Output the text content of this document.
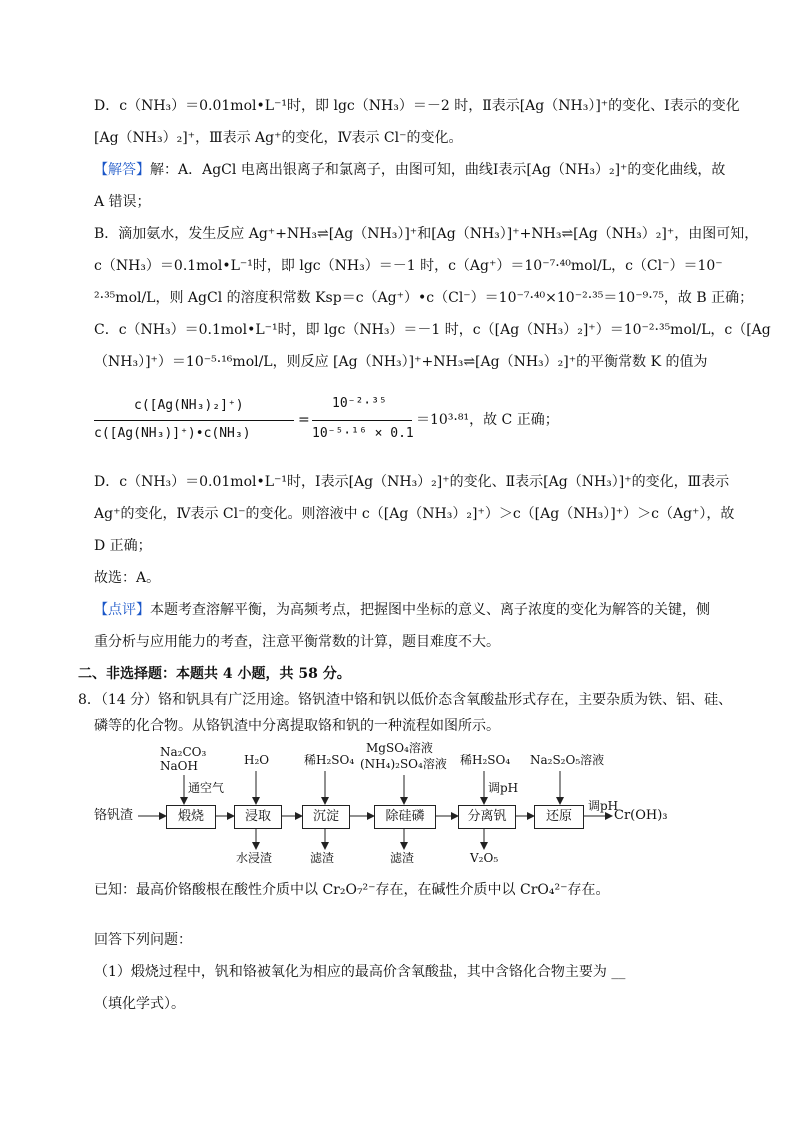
D．c（NH₃）＝0.01mol•L⁻¹时，即 lgc（NH₃）＝－2 时，Ⅱ表示[Ag（NH₃）]⁺的变化、Ⅰ表示的变化
[Ag（NH₃）₂]⁺，Ⅲ表示 Ag⁺的变化，Ⅳ表示 Cl⁻的变化。
【解答】解：A．AgCl 电离出银离子和氯离子，由图可知，曲线Ⅰ表示[Ag（NH₃）₂]⁺的变化曲线，故
A 错误；
B．滴加氨水，发生反应 Ag⁺+NH₃⇌[Ag（NH₃）]⁺和[Ag（NH₃）]⁺+NH₃⇌[Ag（NH₃）₂]⁺，由图可知，
c（NH₃）＝0.1mol•L⁻¹时，即 lgc（NH₃）＝－1 时，c（Ag⁺）＝10⁻⁷·⁴⁰mol/L，c（Cl⁻）＝10⁻
²·³⁵mol/L，则 AgCl 的溶度积常数 Ksp＝c（Ag⁺）•c（Cl⁻）＝10⁻⁷·⁴⁰×10⁻²·³⁵＝10⁻⁹·⁷⁵，故 B 正确；
C．c（NH₃）＝0.1mol•L⁻¹时，即 lgc（NH₃）＝－1 时，c（[Ag（NH₃）₂]⁺）＝10⁻²·³⁵mol/L，c（[Ag
（NH₃）]⁺）＝10⁻⁵·¹⁶mol/L，则反应 [Ag（NH₃）]⁺+NH₃⇌[Ag（NH₃）₂]⁺的平衡常数 K 的值为
c([Ag(NH₃)₂]⁺)
c([Ag(NH₃)]⁺)•c(NH₃)
=
10⁻²·³⁵
10⁻⁵·¹⁶ × 0.1
＝10³·⁸¹，故 C 正确；
D．c（NH₃）＝0.01mol•L⁻¹时，Ⅰ表示[Ag（NH₃）₂]⁺的变化、Ⅱ表示[Ag（NH₃）]⁺的变化，Ⅲ表示
Ag⁺的变化，Ⅳ表示 Cl⁻的变化。则溶液中 c（[Ag（NH₃）₂]⁺）＞c（[Ag（NH₃）]⁺）＞c（Ag⁺），故
D 正确；
故选：A。
【点评】本题考查溶解平衡，为高频考点，把握图中坐标的意义、离子浓度的变化为解答的关键，侧
重分析与应用能力的考查，注意平衡常数的计算，题目难度不大。
二、非选择题：本题共 4 小题，共 58 分。
8．（14 分）铬和钒具有广泛用途。铬钒渣中铬和钒以低价态含氧酸盐形式存在，主要杂质为铁、铝、硅、
磷等的化合物。从铬钒渣中分离提取铬和钒的一种流程如图所示。
铬钒渣	煅烧	浸取	沉淀	除硅磷	分离钒	还原	Cr(OH)₃
Na₂CO₃
NaOH
通空气
H₂O	稀H₂SO₄
MgSO₄溶液
(NH₄)₂SO₄溶液 稀H₂SO₄
调pH
Na₂S₂O₅溶液
调pH
水浸渣	滤渣	滤渣	V₂O₅
已知：最高价铬酸根在酸性介质中以 Cr₂O₇²⁻存在，在碱性介质中以 CrO₄²⁻存在。
回答下列问题：
（1）煅烧过程中，钒和铬被氧化为相应的最高价含氧酸盐，其中含铬化合物主要为 __
（填化学式）。
